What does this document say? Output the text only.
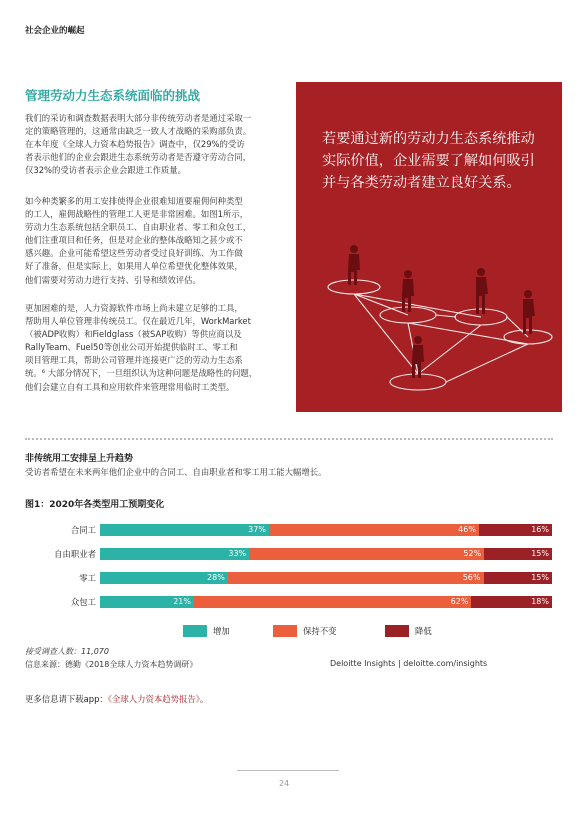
社会企业的崛起
管理劳动力生态系统面临的挑战
我们的采访和调查数据表明大部分非传统劳动者是通过采取一
定的策略管理的，这通常由缺乏一致人才战略的采购部负责。
在本年度《全球人力资本趋势报告》调查中，仅29%的受访
者表示他们的企业会跟进生态系统劳动者是否遵守劳动合同，
仅32%的受访者表示企业会跟进工作质量。
如今种类繁多的用工安排使得企业很难知道要雇佣何种类型
的工人，雇佣战略性的管理工人更是非常困难。如图1所示，
劳动力生态系统包括全职员工、自由职业者、零工和众包工，
他们注重项目和任务，但是对企业的整体战略知之甚少或不
感兴趣。企业可能希望这些劳动者受过良好训练、为工作做
好了准备，但是实际上，如果用人单位希望优化整体效果，
他们需要对劳动力进行支持、引导和绩效评估。
更加困难的是，人力资源软件市场上尚未建立足够的工具，
帮助用人单位管理非传统员工。仅在最近几年，WorkMarket
（被ADP收购）和Fieldglass（被SAP收购）等供应商以及
RallyTeam、Fuel50等创业公司开始提供临时工、零工和
项目管理工具，帮助公司管理并连接更广泛的劳动力生态系
统。⁶ 大部分情况下，一旦组织认为这种问题是战略性的问题，
他们会建立自有工具和应用软件来管理常用临时工类型。
若要通过新的劳动力生态系统推动实际价值，企业需要了解如何吸引并与各类劳动者建立良好关系。
非传统用工安排呈上升趋势
受访者希望在未来两年他们企业中的合同工、自由职业者和零工用工能大幅增长。
图1：2020年各类型用工预期变化
合同工	37%	46%	16%
自由职业者	33%	52%	15%
零工	28%	56%	15%
众包工	21%	62%	18%
增加	保持不变	降低
接受调查人数：11,070
信息来源：德勤《2018全球人力资本趋势调研》	Deloitte Insights | deloitte.com/insights
更多信息请下载app：《全球人力资本趋势报告》。
24
